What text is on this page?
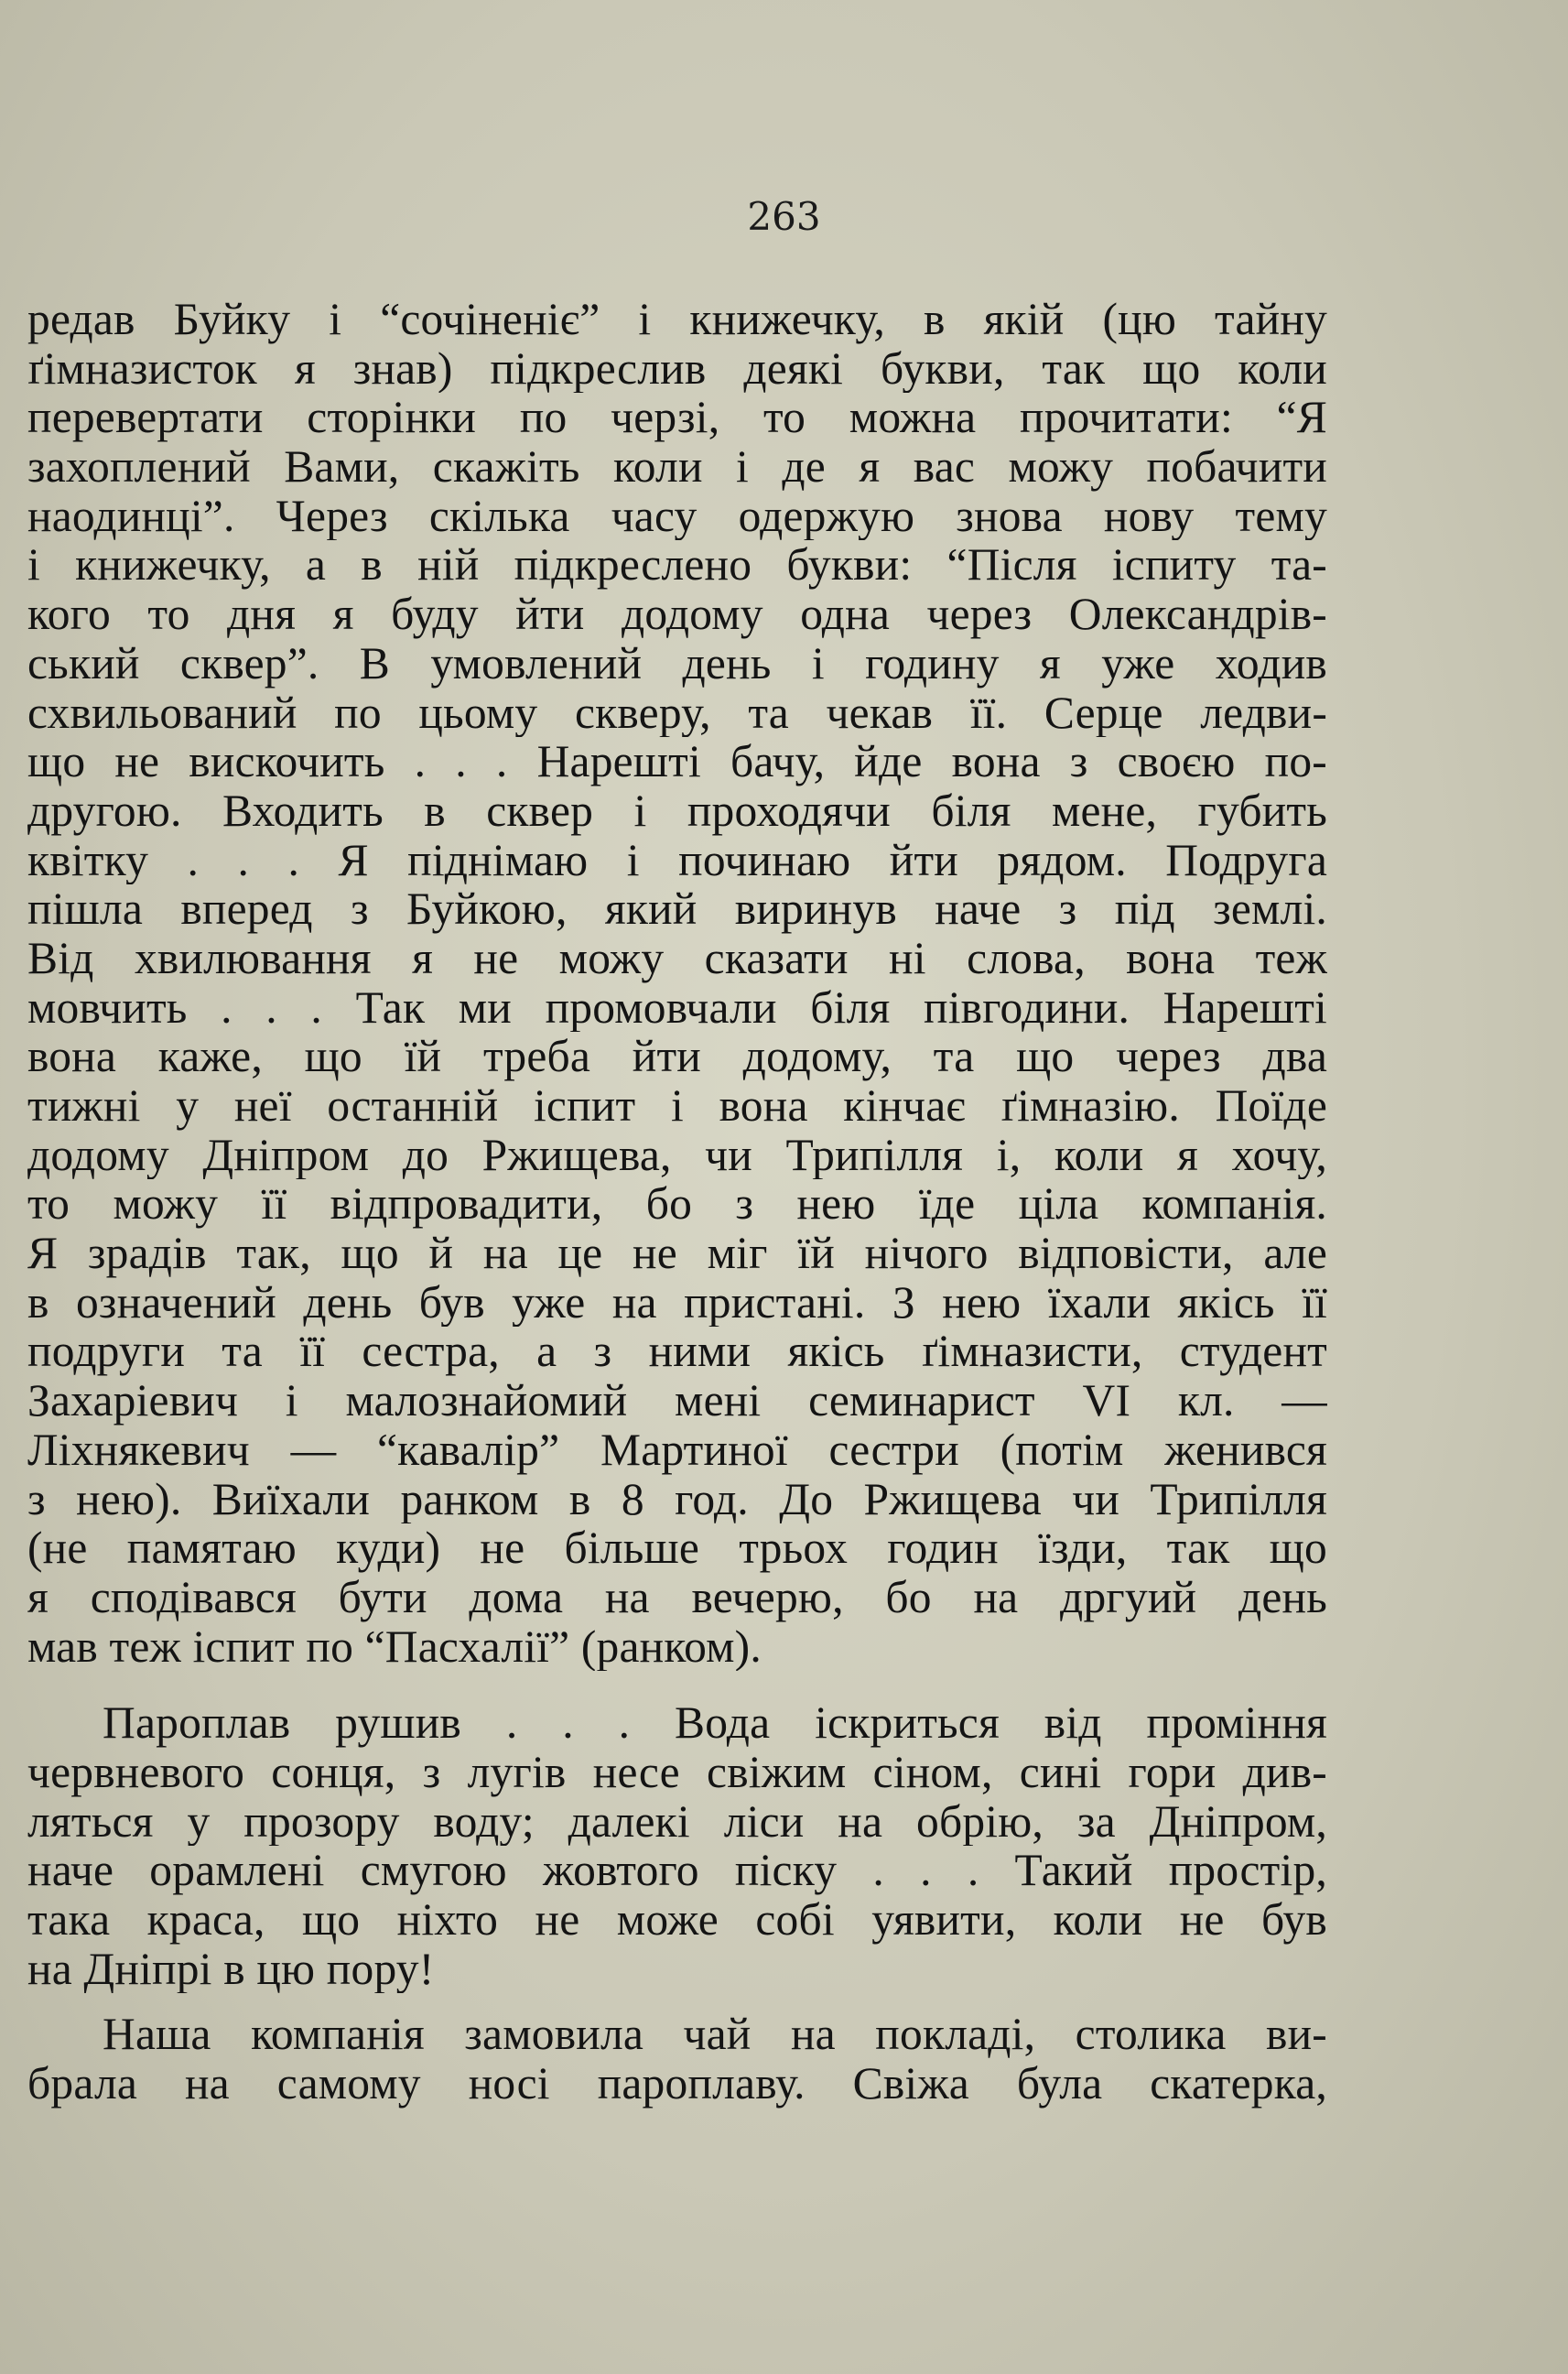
263
редав Буйку і “сочіненіє” і книжечку, в якій (цю тайну
ґімназисток я знав) підкреслив деякі букви, так що коли
перевертати сторінки по черзі, то можна прочитати: “Я
захоплений Вами, скажіть коли і де я вас можу побачити
наодинці”. Через скілька часу одержую знова нову тему
і книжечку, а в ній підкреслено букви: “Після іспиту та-
кого то дня я буду йти додому одна через Олександрів-
ський сквер”. В умовлений день і годину я уже ходив
схвильований по цьому скверу, та чекав її. Серце ледви-
що не вискочить . . . Нарешті бачу, йде вона з своєю по-
другою. Входить в сквер і проходячи біля мене, губить
квітку . . . Я піднімаю і починаю йти рядом. Подруга
пішла вперед з Буйкою, який виринув наче з під землі.
Від хвилювання я не можу сказати ні слова, вона теж
мовчить . . . Так ми промовчали біля півгодини. Нарешті
вона каже, що їй треба йти додому, та що через два
тижні у неї останній іспит і вона кінчає ґімназію. Поїде
додому Дніпром до Ржищева, чи Трипілля і, коли я хочу,
то можу її відпровадити, бо з нею їде ціла компанія.
Я зрадів так, що й на це не міг їй нічого відповісти, але
в означений день був уже на пристані. З нею їхали якісь її
подруги та її сестра, а з ними якісь ґімназисти, студент
Захаріевич і малознайомий мені семинарист VI кл. —
Ліхнякевич — “кавалір” Мартиної сестри (потім женився
з нею). Виїхали ранком в 8 год. До Ржищева чи Трипілля
(не памятаю куди) не більше трьох годин їзди, так що
я сподівався бути дома на вечерю, бо на дргуий день
мав теж іспит по “Пасхалії” (ранком).
Пароплав рушив . . . Вода іскриться від проміння
червневого сонця, з лугів несе свіжим сіном, сині гори див-
ляться у прозору воду; далекі ліси на обрію, за Дніпром,
наче орамлені смугою жовтого піску . . . Такий простір,
така краса, що ніхто не може собі уявити, коли не був
на Дніпрі в цю пору!
Наша компанія замовила чай на покладі, столика ви-
брала на самому носі пароплаву. Свіжа була скатерка,
